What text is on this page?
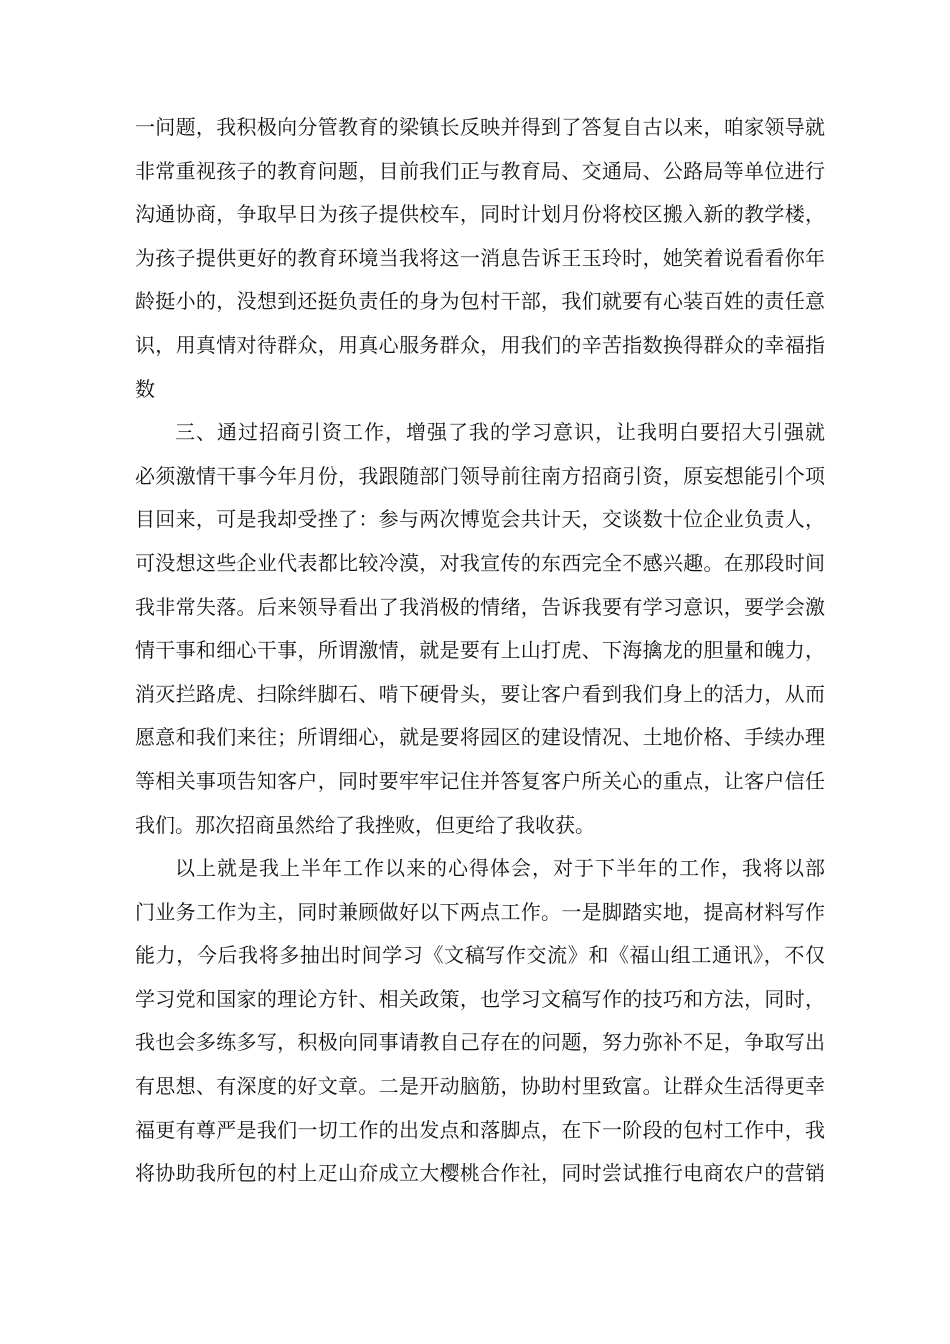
一问题，我积极向分管教育的梁镇长反映并得到了答复自古以来，咱家领导就
非常重视孩子的教育问题，目前我们正与教育局、交通局、公路局等单位进行
沟通协商，争取早日为孩子提供校车，同时计划月份将校区搬入新的教学楼，
为孩子提供更好的教育环境当我将这一消息告诉王玉玲时，她笑着说看看你年
龄挺小的，没想到还挺负责任的身为包村干部，我们就要有心装百姓的责任意
识，用真情对待群众，用真心服务群众，用我们的辛苦指数换得群众的幸福指
数
三、通过招商引资工作，增强了我的学习意识，让我明白要招大引强就
必须激情干事今年月份，我跟随部门领导前往南方招商引资，原妄想能引个项
目回来，可是我却受挫了：参与两次博览会共计天，交谈数十位企业负责人，
可没想这些企业代表都比较冷漠，对我宣传的东西完全不感兴趣。在那段时间
我非常失落。后来领导看出了我消极的情绪，告诉我要有学习意识，要学会激
情干事和细心干事，所谓激情，就是要有上山打虎、下海擒龙的胆量和魄力，
消灭拦路虎、扫除绊脚石、啃下硬骨头，要让客户看到我们身上的活力，从而
愿意和我们来往；所谓细心，就是要将园区的建设情况、土地价格、手续办理
等相关事项告知客户，同时要牢牢记住并答复客户所关心的重点，让客户信任
我们。那次招商虽然给了我挫败，但更给了我收获。
以上就是我上半年工作以来的心得体会，对于下半年的工作，我将以部
门业务工作为主，同时兼顾做好以下两点工作。一是脚踏实地，提高材料写作
能力，今后我将多抽出时间学习《文稿写作交流》和《福山组工通讯》，不仅
学习党和国家的理论方针、相关政策，也学习文稿写作的技巧和方法，同时，
我也会多练多写，积极向同事请教自己存在的问题，努力弥补不足，争取写出
有思想、有深度的好文章。二是开动脑筋，协助村里致富。让群众生活得更幸
福更有尊严是我们一切工作的出发点和落脚点，在下一阶段的包村工作中，我
将协助我所包的村上疋山夼成立大樱桃合作社，同时尝试推行电商农户的营销
